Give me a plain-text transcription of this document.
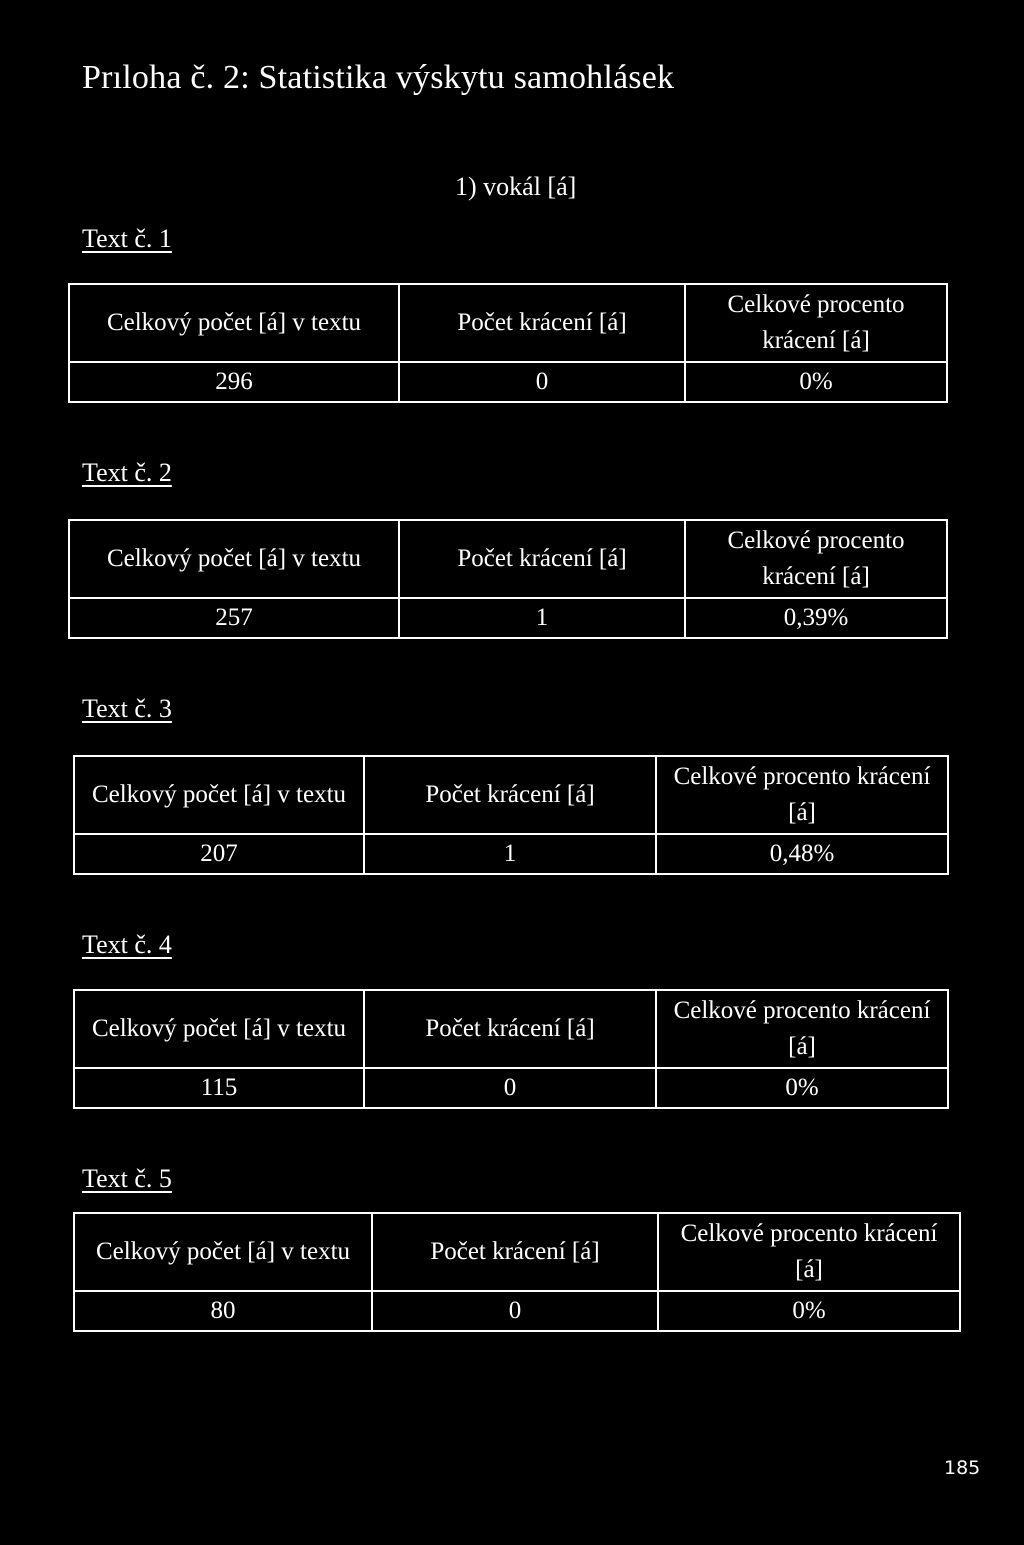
Prıloha č. 2: Statistika výskytu samohlásek
1) vokál [á]
Text č. 1
Celkový počet [á] v textu	Počet krácení [á]	Celkové procento krácení [á]
296	0	0%
Text č. 2
Celkový počet [á] v textu	Počet krácení [á]	Celkové procento krácení [á]
257	1	0,39%
Text č. 3
Celkový počet [á] v textu	Počet krácení [á]	Celkové procento krácení [á]
207	1	0,48%
Text č. 4
Celkový počet [á] v textu	Počet krácení [á]	Celkové procento krácení [á]
115	0	0%
Text č. 5
Celkový počet [á] v textu	Počet krácení [á]	Celkové procento krácení [á]
80	0	0%
185
